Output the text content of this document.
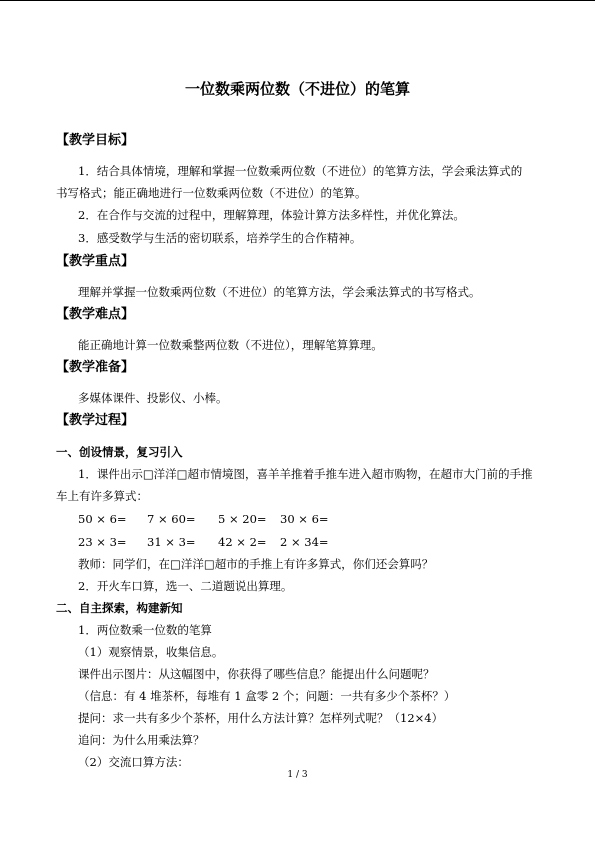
一位数乘两位数（不进位）的笔算
【教学目标】
1．结合具体情境，理解和掌握一位数乘两位数（不进位）的笔算方法，学会乘法算式的
书写格式；能正确地进行一位数乘两位数（不进位）的笔算。
2．在合作与交流的过程中，理解算理，体验计算方法多样性，并优化算法。
3．感受数学与生活的密切联系，培养学生的合作精神。
【教学重点】
理解并掌握一位数乘两位数（不进位）的笔算方法，学会乘法算式的书写格式。
【教学难点】
能正确地计算一位数乘整两位数（不进位），理解笔算算理。
【教学准备】
多媒体课件、投影仪、小棒。
【教学过程】
一、创设情景，复习引入
1．课件出示□洋洋□超市情境图，喜羊羊推着手推车进入超市购物，在超市大门前的手推
车上有许多算式：
50 × 6= 7 × 60= 5 × 20= 30 × 6=
23 × 3= 31 × 3= 42 × 2= 2 × 34=
教师：同学们，在□洋洋□超市的手推上有许多算式，你们还会算吗？
2．开火车口算，选一、二道题说出算理。
二、自主探索，构建新知
1．两位数乘一位数的笔算
（1）观察情景，收集信息。
课件出示图片：从这幅图中，你获得了哪些信息？能提出什么问题呢？
（信息：有 4 堆茶杯，每堆有 1 盒零 2 个；问题：一共有多少个茶杯？）
提问：求一共有多少个茶杯，用什么方法计算？怎样列式呢？（12×4）
追问：为什么用乘法算？
（2）交流口算方法：
1 / 3
